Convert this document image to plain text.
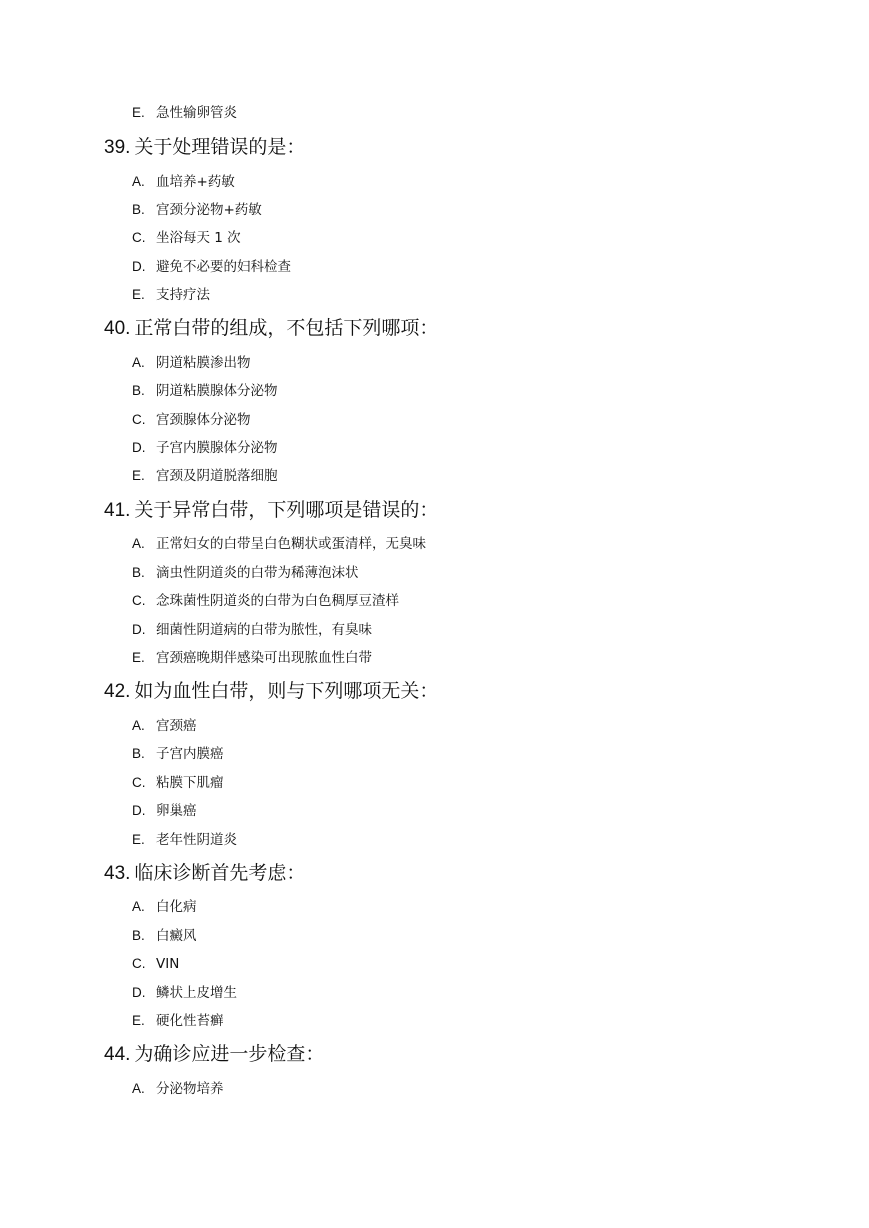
E. 急性输卵管炎
39. 关于处理错误的是：
A. 血培养+药敏
B. 宫颈分泌物+药敏
C. 坐浴每天 1 次
D. 避免不必要的妇科检查
E. 支持疗法
40. 正常白带的组成，不包括下列哪项：
A. 阴道粘膜渗出物
B. 阴道粘膜腺体分泌物
C. 宫颈腺体分泌物
D. 子宫内膜腺体分泌物
E. 宫颈及阴道脱落细胞
41. 关于异常白带，下列哪项是错误的：
A. 正常妇女的白带呈白色糊状或蛋清样，无臭味
B. 滴虫性阴道炎的白带为稀薄泡沫状
C. 念珠菌性阴道炎的白带为白色稠厚豆渣样
D. 细菌性阴道病的白带为脓性，有臭味
E. 宫颈癌晚期伴感染可出现脓血性白带
42. 如为血性白带，则与下列哪项无关：
A. 宫颈癌
B. 子宫内膜癌
C. 粘膜下肌瘤
D. 卵巢癌
E. 老年性阴道炎
43. 临床诊断首先考虑：
A. 白化病
B. 白癜风
C. VIN
D. 鳞状上皮增生
E. 硬化性苔癣
44. 为确诊应进一步检查：
A. 分泌物培养
